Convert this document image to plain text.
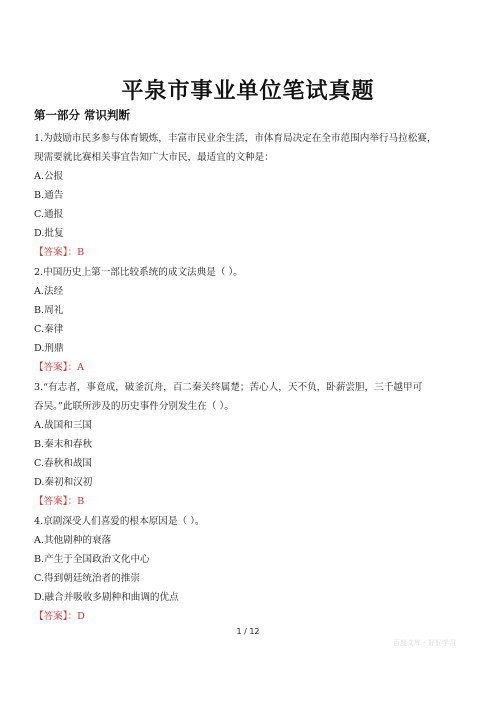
平泉市事业单位笔试真题
第一部分 常识判断
1.为鼓励市民多参与体育锻炼，丰富市民业余生活，市体育局决定在全市范围内举行马拉松赛，
现需要就比赛相关事宜告知广大市民，最适宜的文种是：
A.公报
B.通告
C.通报
D.批复
【答案】：B
2.中国历史上第一部比较系统的成文法典是（ ）。
A.法经
B.周礼
C.秦律
D.刑鼎
【答案】：A
3.“有志者，事竟成，破釜沉舟，百二秦关终属楚；苦心人，天不负，卧薪尝胆，三千越甲可
吞吴。”此联所涉及的历史事件分别发生在（ ）。
A.战国和三国
B.秦末和春秋
C.春秋和战国
D.秦初和汉初
【答案】：B
4.京剧深受人们喜爱的根本原因是（ ）。
A.其他剧种的衰落
B.产生于全国政治文化中心
C.得到朝廷统治者的推崇
D.融合并吸收多剧种和曲调的优点
【答案】：D
1 / 12
百度文库 - 好好学习
